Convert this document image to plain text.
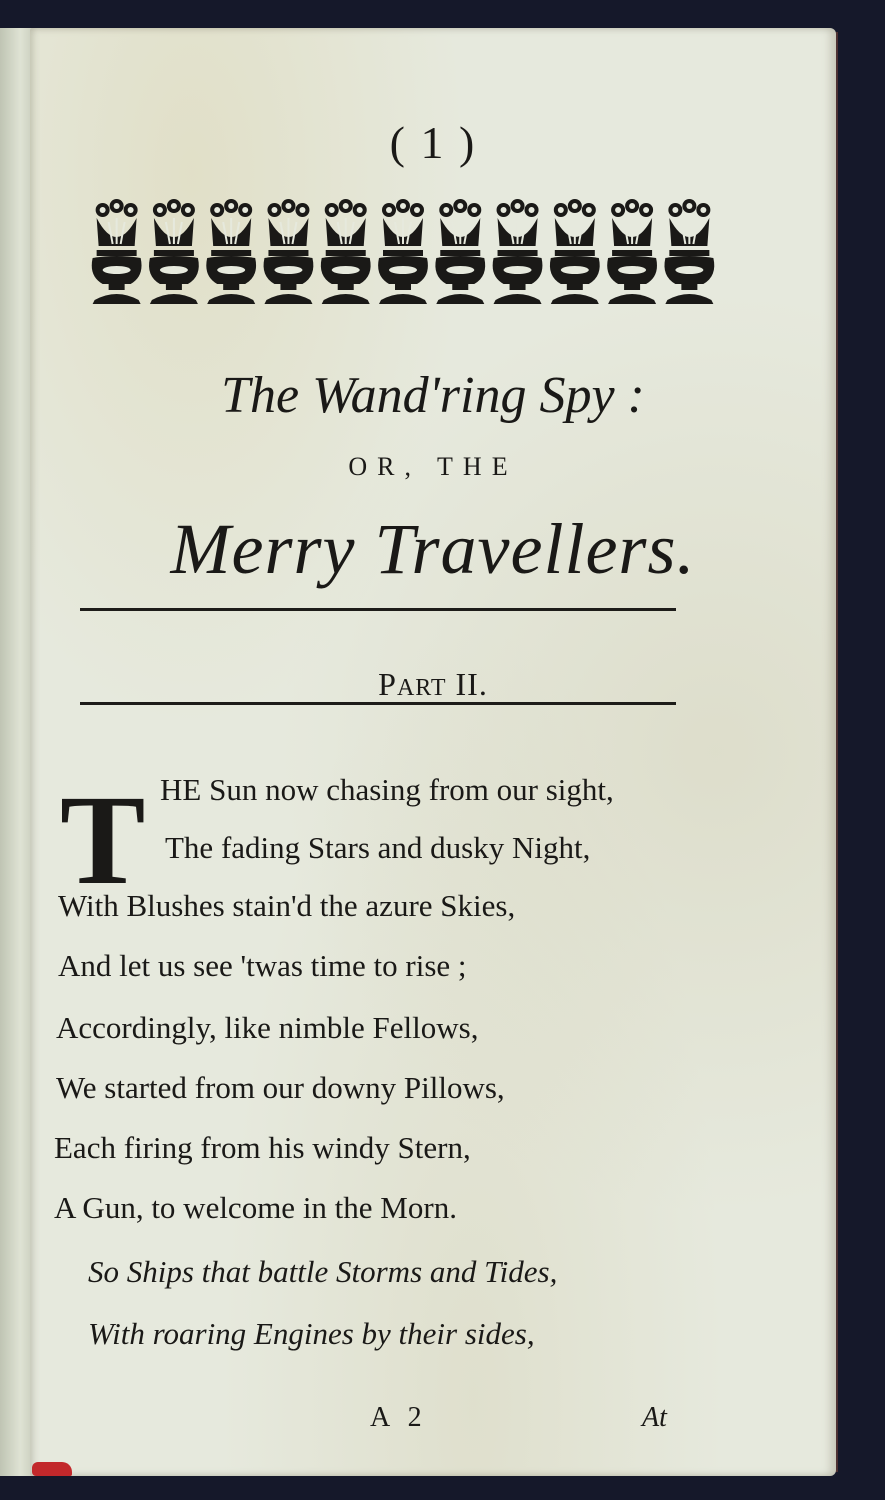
( 1 )
The Wand'ring Spy :
OR, THE
Merry Travellers.
PART II.
T HE Sun now chasing from our sight,
The fading Stars and dusky Night,
With Blushes stain'd the azure Skies,
And let us see 'twas time to rise ;
Accordingly, like nimble Fellows,
We started from our downy Pillows,
Each firing from his windy Stern,
A Gun, to welcome in the Morn.
So Ships that battle Storms and Tides,
With roaring Engines by their sides,
A 2	At
